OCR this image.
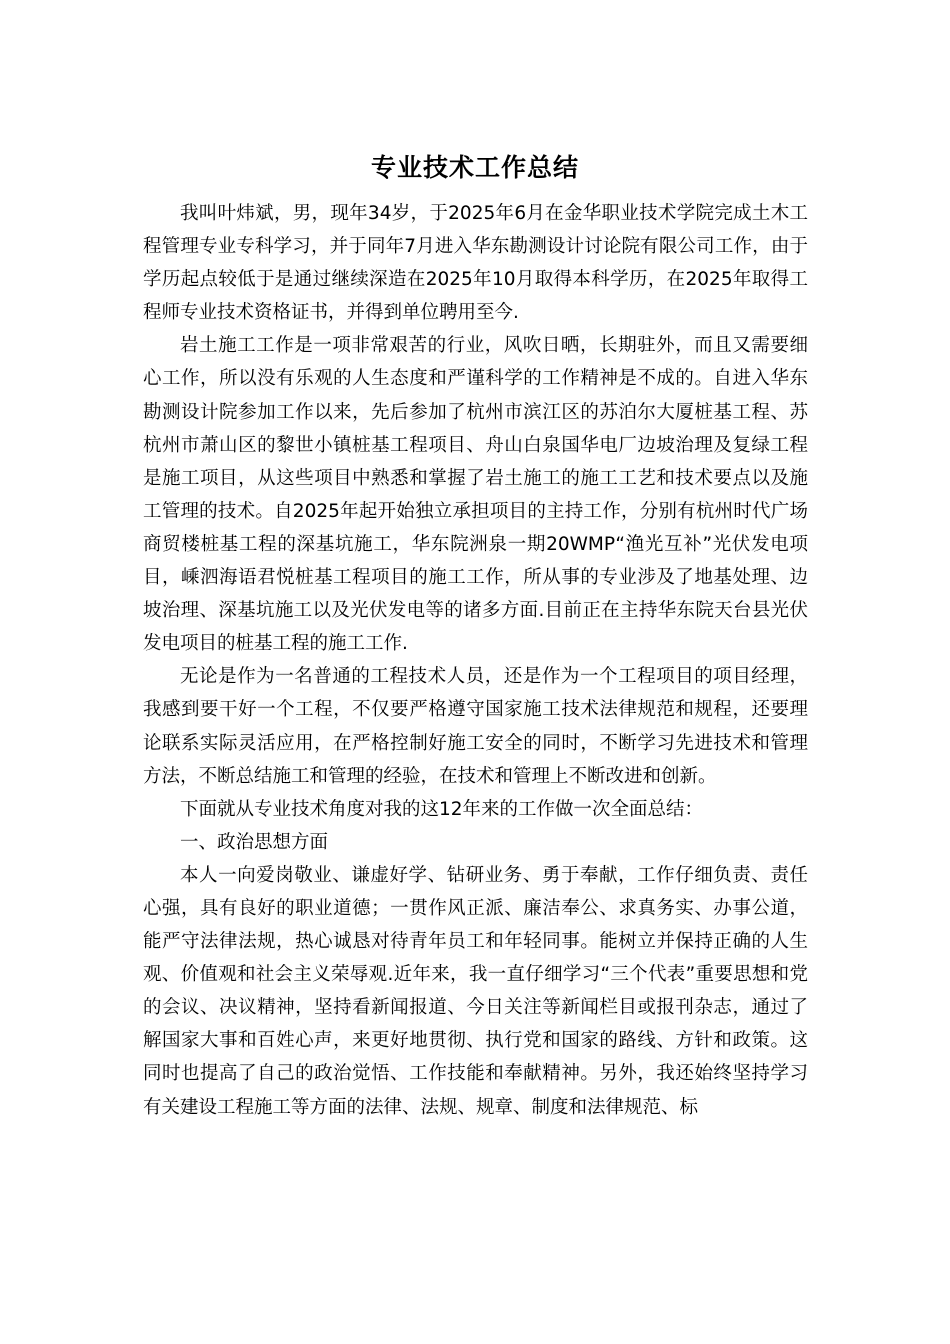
专业技术工作总结

我叫叶炜斌，男，现年34岁，于2025年6月在金华职业技术学院完成土木工程管理专业专科学习，并于同年7月进入华东勘测设计讨论院有限公司工作，由于学历起点较低于是通过继续深造在2025年10月取得本科学历，在2025年取得工程师专业技术资格证书，并得到单位聘用至今.

岩土施工工作是一项非常艰苦的行业，风吹日晒，长期驻外，而且又需要细心工作，所以没有乐观的人生态度和严谨科学的工作精神是不成的。自进入华东勘测设计院参加工作以来，先后参加了杭州市滨江区的苏泊尔大厦桩基工程、苏杭州市萧山区的黎世小镇桩基工程项目、舟山白泉国华电厂边坡治理及复绿工程是施工项目，从这些项目中熟悉和掌握了岩土施工的施工工艺和技术要点以及施工管理的技术。自2025年起开始独立承担项目的主持工作，分别有杭州时代广场商贸楼桩基工程的深基坑施工，华东院洲泉一期20WMP“渔光互补”光伏发电项目，嵊泗海语君悦桩基工程项目的施工工作，所从事的专业涉及了地基处理、边坡治理、深基坑施工以及光伏发电等的诸多方面.目前正在主持华东院天台县光伏发电项目的桩基工程的施工工作.

无论是作为一名普通的工程技术人员，还是作为一个工程项目的项目经理，我感到要干好一个工程，不仅要严格遵守国家施工技术法律规范和规程，还要理论联系实际灵活应用，在严格控制好施工安全的同时，不断学习先进技术和管理方法，不断总结施工和管理的经验，在技术和管理上不断改进和创新。

下面就从专业技术角度对我的这12年来的工作做一次全面总结：

一、政治思想方面

本人一向爱岗敬业、谦虚好学、钻研业务、勇于奉献，工作仔细负责、责任心强，具有良好的职业道德；一贯作风正派、廉洁奉公、求真务实、办事公道，能严守法律法规，热心诚恳对待青年员工和年轻同事。能树立并保持正确的人生观、价值观和社会主义荣辱观.近年来，我一直仔细学习“三个代表”重要思想和党的会议、决议精神，坚持看新闻报道、今日关注等新闻栏目或报刊杂志，通过了解国家大事和百姓心声，来更好地贯彻、执行党和国家的路线、方针和政策。这同时也提高了自己的政治觉悟、工作技能和奉献精神。另外，我还始终坚持学习有关建设工程施工等方面的法律、法规、规章、制度和法律规范、标
